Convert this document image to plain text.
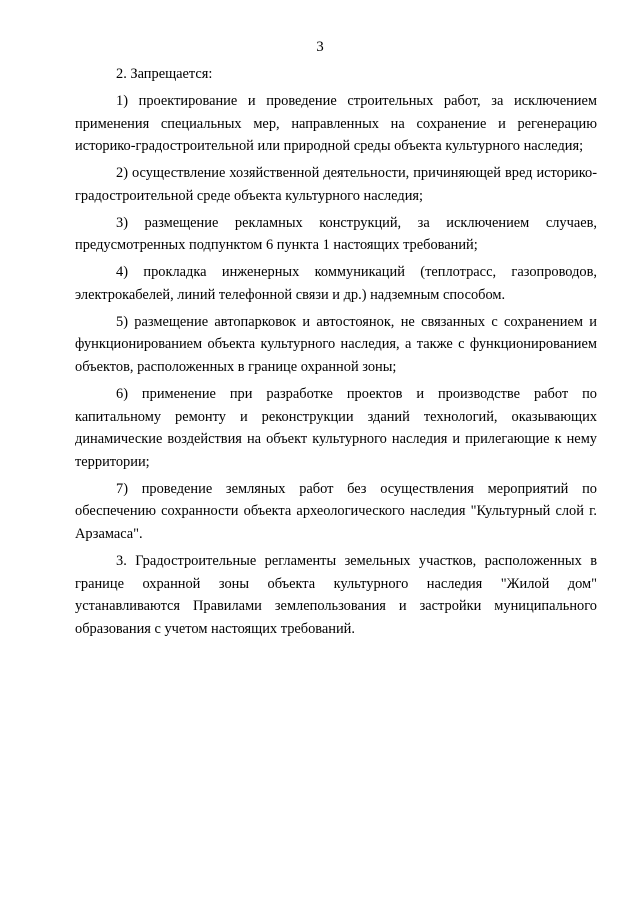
3

2. Запрещается:

1) проектирование и проведение строительных работ, за исключением применения специальных мер, направленных на сохранение и регенерацию историко-градостроительной или природной среды объекта культурного наследия;

2) осуществление хозяйственной деятельности, причиняющей вред историко-градостроительной среде объекта культурного наследия;

3) размещение рекламных конструкций, за исключением случаев, предусмотренных подпунктом 6 пункта 1 настоящих требований;

4) прокладка инженерных коммуникаций (теплотрасс, газопроводов, электрокабелей, линий телефонной связи и др.) надземным способом.

5) размещение автопарковок и автостоянок, не связанных с сохранением и функционированием объекта культурного наследия, а также с функционированием объектов, расположенных в границе охранной зоны;

6) применение при разработке проектов и производстве работ по капитальному ремонту и реконструкции зданий технологий, оказывающих динамические воздействия на объект культурного наследия и прилегающие к нему территории;

7) проведение земляных работ без осуществления мероприятий по обеспечению сохранности объекта археологического наследия "Культурный слой г. Арзамаса".

3. Градостроительные регламенты земельных участков, расположенных в границе охранной зоны объекта культурного наследия "Жилой дом" устанавливаются Правилами землепользования и застройки муниципального образования с учетом настоящих требований.
